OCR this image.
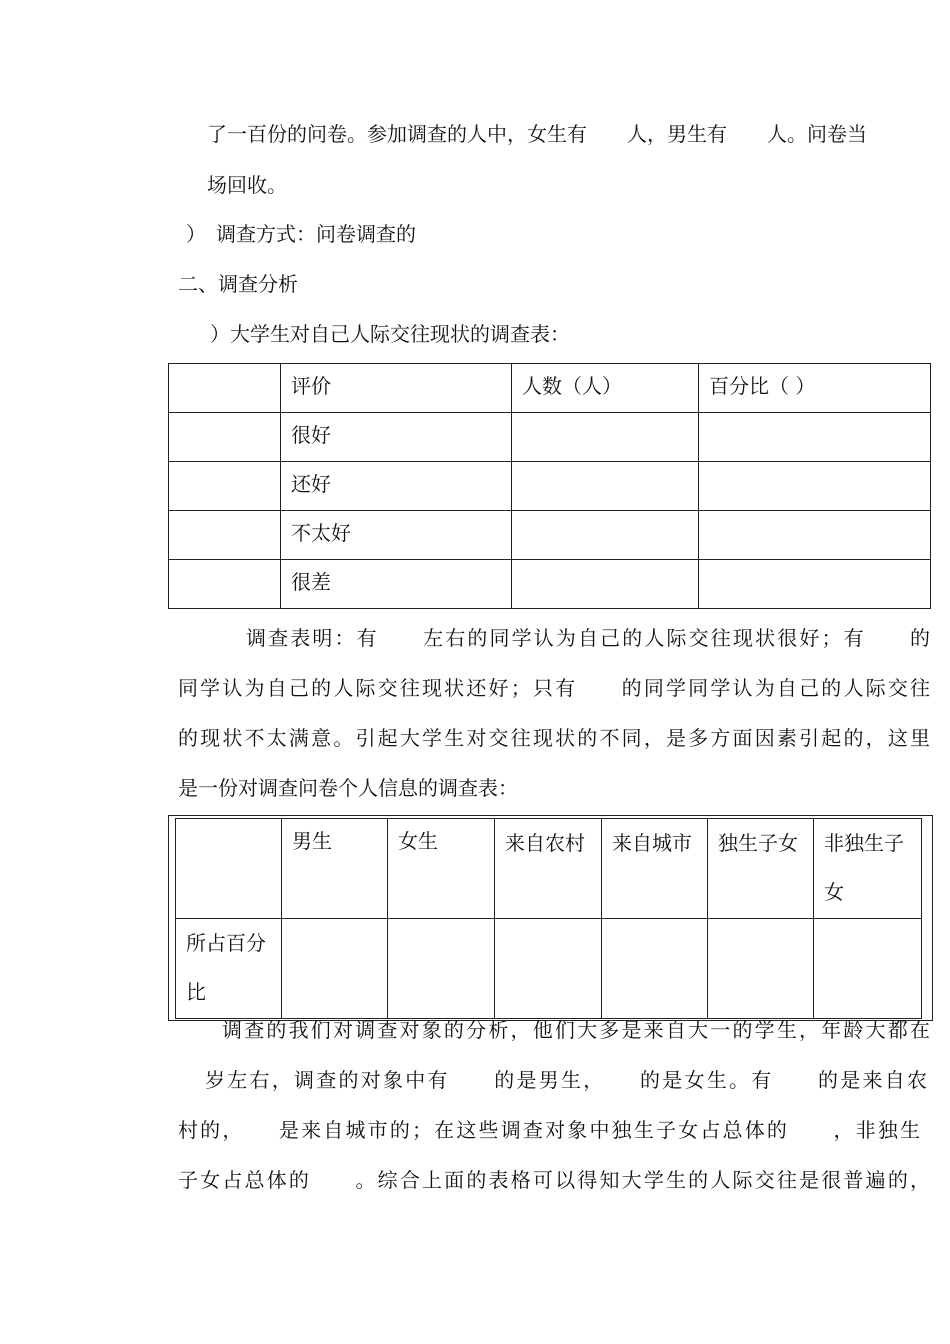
了一百份的问卷。参加调查的人中，女生有　　人，男生有　　人。问卷当
场回收。
）　调查方式：问卷调查的
二、调查分析
）大学生对自己人际交往现状的调查表：
	评价	人数（人）	百分比（ ）
	很好		
	还好		
	不太好		
	很差		
调查表明：有　　左右的同学认为自己的人际交往现状很好；有　　的
同学认为自己的人际交往现状还好；只有　　的同学同学认为自己的人际交往
的现状不太满意。引起大学生对交往现状的不同，是多方面因素引起的，这里
是一份对调查问卷个人信息的调查表：
	男生	女生	来自农村	来自城市	独生子女	非独生子女
所占百分比						
调查的我们对调查对象的分析，他们大多是来自大一的学生，年龄大都在
岁左右，调查的对象中有　　的是男生，　　的是女生。有　　的是来自农
村的，　　是来自城市的；在这些调查对象中独生子女占总体的　　，非独生
子女占总体的　　。综合上面的表格可以得知大学生的人际交往是很普遍的，
